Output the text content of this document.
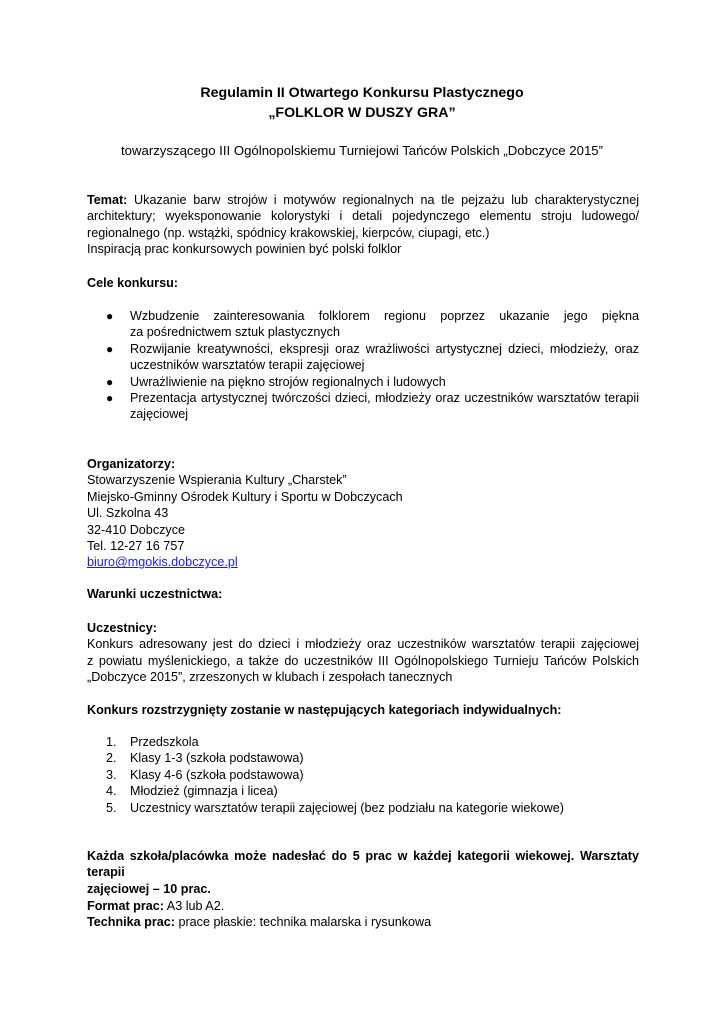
Regulamin II Otwartego Konkursu Plastycznego
„FOLKLOR W DUSZY GRA”
towarzyszącego III Ogólnopolskiemu Turniejowi Tańców Polskich „Dobczyce 2015”
Temat: Ukazanie barw strojów i motywów regionalnych na tle pejzażu lub charakterystycznej
architektury; wyeksponowanie kolorystyki i detali pojedynczego elementu stroju ludowego/
regionalnego (np. wstążki, spódnicy krakowskiej, kierpców, ciupagi, etc.)
Inspiracją prac konkursowych powinien być polski folklor
Cele konkursu:
● Wzbudzenie zainteresowania folklorem regionu poprzez ukazanie jego piękna
za pośrednictwem sztuk plastycznych
● Rozwijanie kreatywności, ekspresji oraz wrażliwości artystycznej dzieci, młodzieży, oraz
uczestników warsztatów terapii zajęciowej
● Uwrażliwienie na piękno strojów regionalnych i ludowych
● Prezentacja artystycznej twórczości dzieci, młodzieży oraz uczestników warsztatów terapii
zajęciowej
Organizatorzy:
Stowarzyszenie Wspierania Kultury „Charstek”
Miejsko-Gminny Ośrodek Kultury i Sportu w Dobczycach
Ul. Szkolna 43
32-410 Dobczyce
Tel. 12-27 16 757
biuro@mgokis.dobczyce.pl
Warunki uczestnictwa:
Uczestnicy:
Konkurs adresowany jest do dzieci i młodzieży oraz uczestników warsztatów terapii zajęciowej
z powiatu myślenickiego, a także do uczestników III Ogólnopolskiego Turnieju Tańców Polskich
„Dobczyce 2015”, zrzeszonych w klubach i zespołach tanecznych
Konkurs rozstrzygnięty zostanie w następujących kategoriach indywidualnych:
1. Przedszkola
2. Klasy 1-3 (szkoła podstawowa)
3. Klasy 4-6 (szkoła podstawowa)
4. Młodzież (gimnazja i licea)
5. Uczestnicy warsztatów terapii zajęciowej (bez podziału na kategorie wiekowe)
Każda szkoła/placówka może nadesłać do 5 prac w każdej kategorii wiekowej. Warsztaty terapii
zajęciowej – 10 prac.
Format prac: A3 lub A2.
Technika prac: prace płaskie: technika malarska i rysunkowa
